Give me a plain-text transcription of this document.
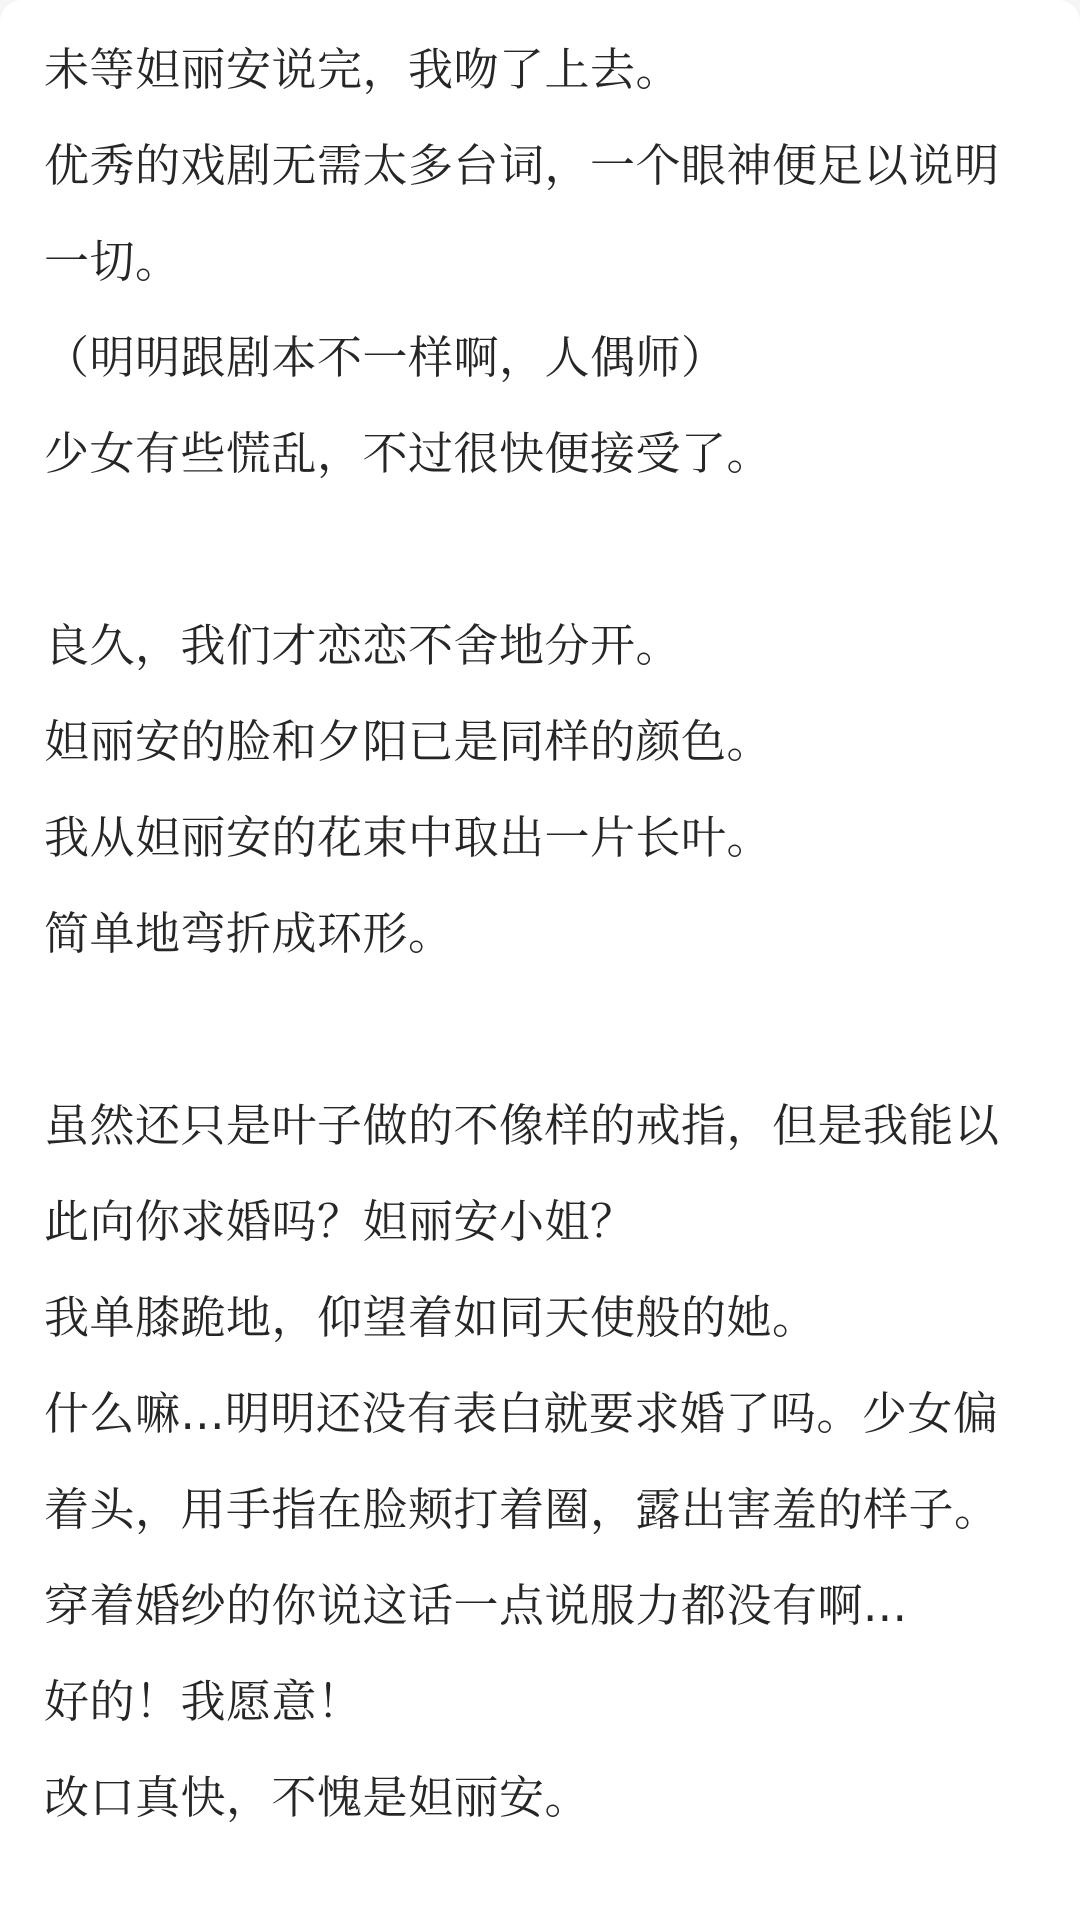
未等妲丽安说完，我吻了上去。

优秀的戏剧无需太多台词，一个眼神便足以说明一切。

（明明跟剧本不一样啊，人偶师）

少女有些慌乱，不过很快便接受了。

良久，我们才恋恋不舍地分开。

妲丽安的脸和夕阳已是同样的颜色。

我从妲丽安的花束中取出一片长叶。

简单地弯折成环形。

虽然还只是叶子做的不像样的戒指，但是我能以此向你求婚吗？妲丽安小姐？

我单膝跪地，仰望着如同天使般的她。

什么嘛...明明还没有表白就要求婚了吗。少女偏着头，用手指在脸颊打着圈，露出害羞的样子。

穿着婚纱的你说这话一点说服力都没有啊...

好的！我愿意！

改口真快，不愧是妲丽安。
